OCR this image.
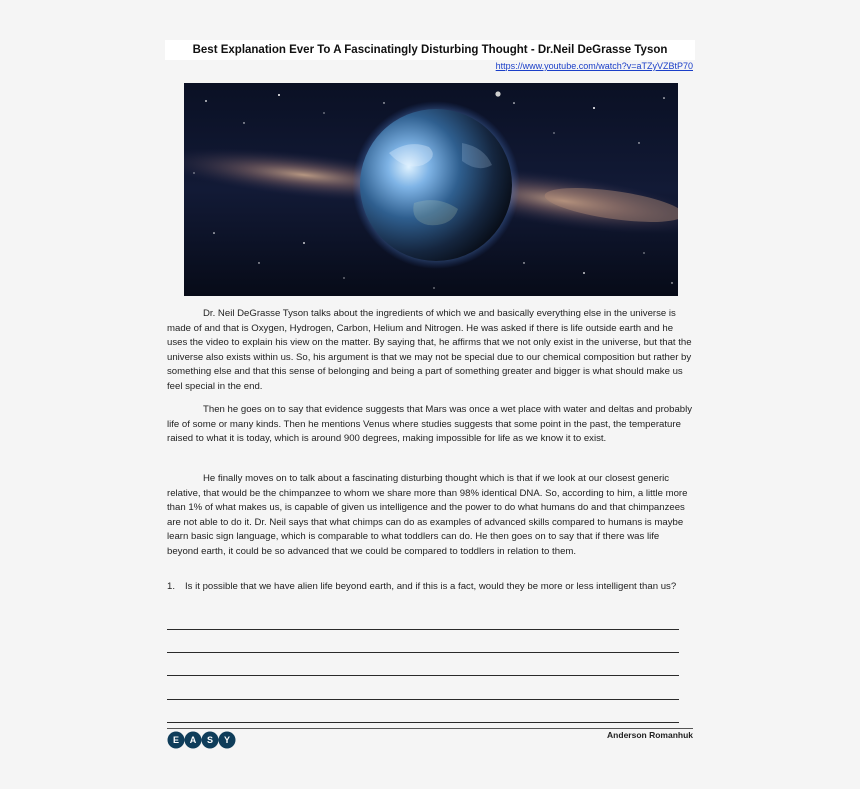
Best Explanation Ever To A Fascinatingly Disturbing Thought - Dr.Neil DeGrasse Tyson
https://www.youtube.com/watch?v=aTZyVZBtP70

Dr. Neil DeGrasse Tyson talks about the ingredients of which we and basically everything else in the universe is made of and that is Oxygen, Hydrogen, Carbon, Helium and Nitrogen. He was asked if there is life outside earth and he uses the video to explain his view on the matter. By saying that, he affirms that we not only exist in the universe, but that the universe also exists within us. So, his argument is that we may not be special due to our chemical composition but rather by something else and that this sense of belonging and being a part of something greater and bigger is what should make us feel special in the end.

Then he goes on to say that evidence suggests that Mars was once a wet place with water and deltas and probably life of some or many kinds. Then he mentions Venus where studies suggests that some point in the past, the temperature raised to what it is today, which is around 900 degrees, making impossible for life as we know it to exist.

He finally moves on to talk about a fascinating disturbing thought which is that if we look at our closest generic relative, that would be the chimpanzee to whom we share more than 98% identical DNA. So, according to him, a little more than 1% of what makes us, is capable of given us intelligence and the power to do what humans do and that chimpanzees are not able to do it. Dr. Neil says that what chimps can do as examples of advanced skills compared to humans is maybe learn basic sign language, which is comparable to what toddlers can do. He then goes on to say that if there was life beyond earth, it could be so advanced that we could be compared to toddlers in relation to them.

1. Is it possible that we have alien life beyond earth, and if this is a fact, would they be more or less intelligent than us?
E A S Y
Anderson Romanhuk
